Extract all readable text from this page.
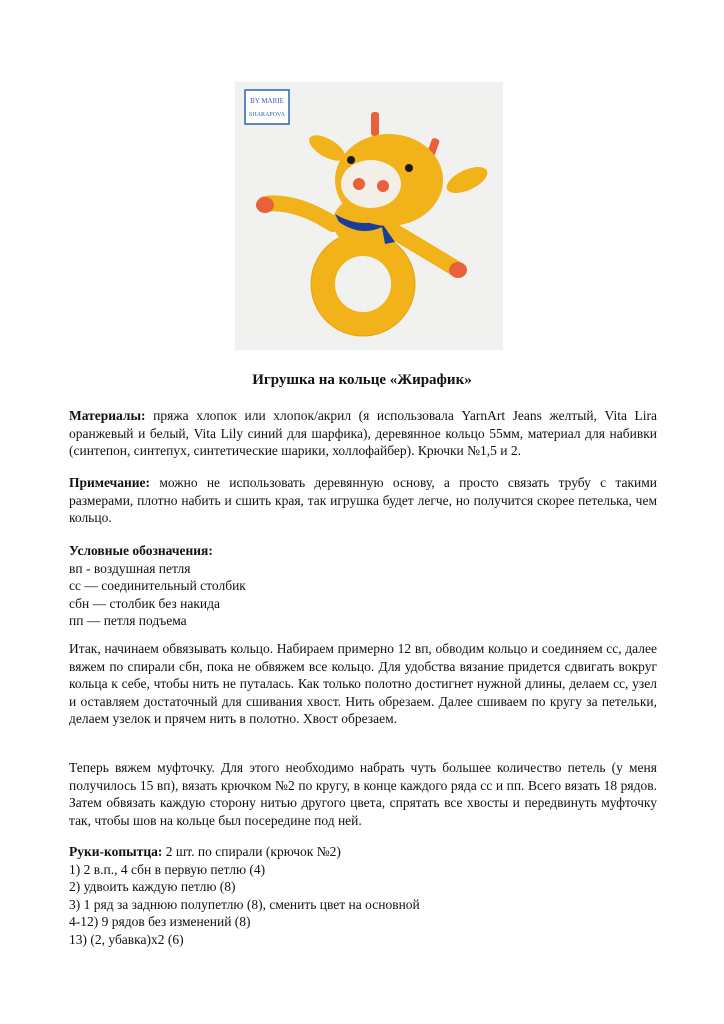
BY MARIE
SHARAPOVA
Игрушка на кольце «Жирафик»
Материалы: пряжа хлопок или хлопок/акрил (я использовала YarnArt Jeans желтый, Vita Lira оранжевый и белый, Vita Lily синий для шарфика), деревянное кольцо 55мм, материал для набивки (синтепон, синтепух, синтетические шарики, холлофайбер). Крючки №1,5 и 2.
Примечание: можно не использовать деревянную основу, а просто связать трубу с такими размерами, плотно набить и сшить края, так игрушка будет легче, но получится скорее петелька, чем кольцо.
Условные обозначения:
вп - воздушная петля
сс — соединительный столбик
сбн — столбик без накида
пп — петля подъема
Итак, начинаем обвязывать кольцо. Набираем примерно 12 вп, обводим кольцо и соединяем сс, далее вяжем по спирали сбн, пока не обвяжем все кольцо. Для удобства вязание придется сдвигать вокруг кольца к себе, чтобы нить не путалась. Как только полотно достигнет нужной длины, делаем сс, узел и оставляем достаточный для сшивания хвост. Нить обрезаем. Далее сшиваем по кругу за петельки, делаем узелок и прячем нить в полотно. Хвост обрезаем.
Теперь вяжем муфточку. Для этого необходимо набрать чуть большее количество петель (у меня получилось 15 вп), вязать крючком №2 по кругу, в конце каждого ряда сс и пп. Всего вязать 18 рядов. Затем обвязать каждую сторону нитью другого цвета, спрятать все хвосты и передвинуть муфточку так, чтобы шов на кольце был посередине под ней.
Руки-копытца: 2 шт. по спирали (крючок №2)
1) 2 в.п., 4 сбн в первую петлю (4)
2) удвоить каждую петлю (8)
3) 1 ряд за заднюю полупетлю (8), сменить цвет на основной
4-12) 9 рядов без изменений (8)
13) (2, убавка)х2 (6)
